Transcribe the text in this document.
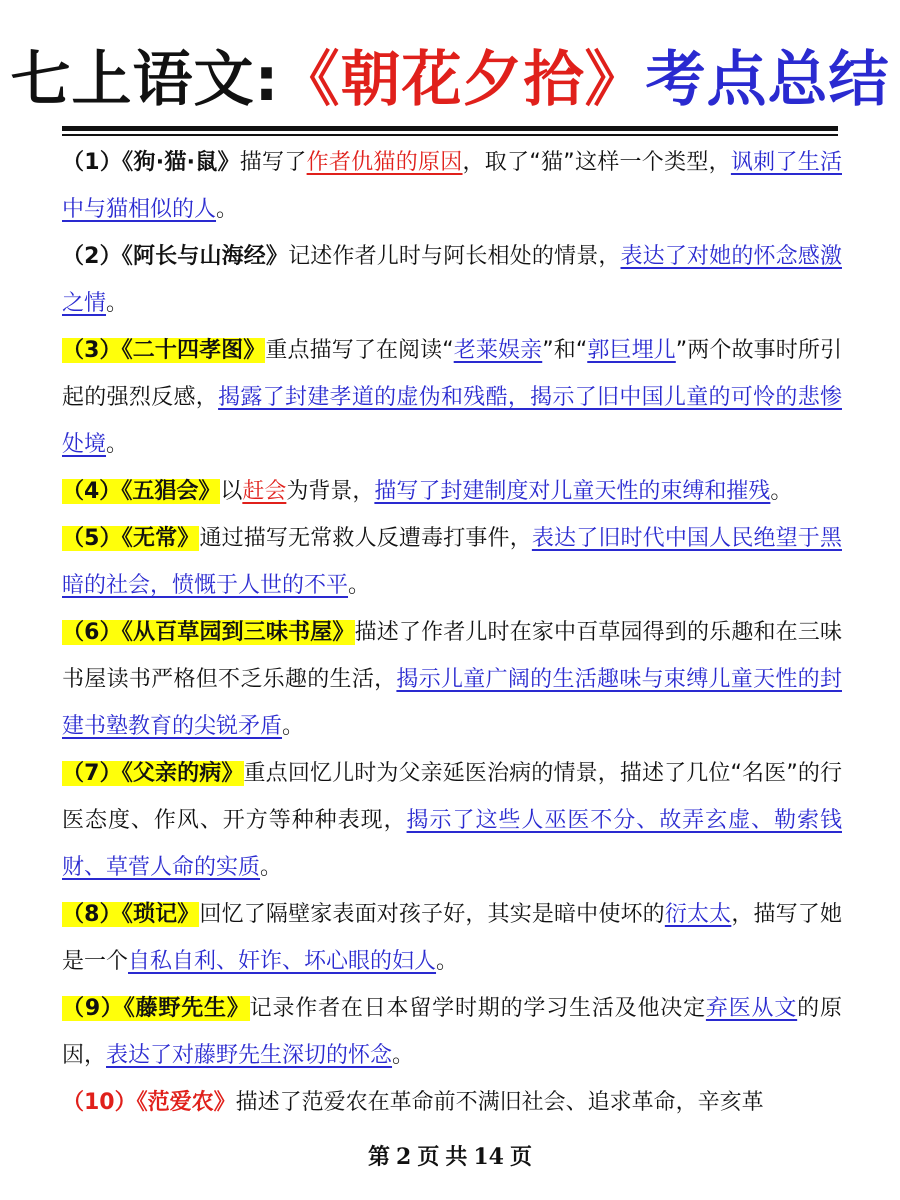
七上语文:《朝花夕拾》考点总结

（1）《狗·猫·鼠》描写了作者仇猫的原因，取了“猫”这样一个类型，讽刺了生活中与猫相似的人。

（2）《阿长与山海经》记述作者儿时与阿长相处的情景，表达了对她的怀念感激之情。

（3）《二十四孝图》重点描写了在阅读“老莱娱亲”和“郭巨埋儿”两个故事时所引起的强烈反感，揭露了封建孝道的虚伪和残酷，揭示了旧中国儿童的可怜的悲惨处境。

（4）《五猖会》以赶会为背景，描写了封建制度对儿童天性的束缚和摧残。

（5）《无常》通过描写无常救人反遭毒打事件，表达了旧时代中国人民绝望于黑暗的社会，愤慨于人世的不平。

（6）《从百草园到三味书屋》描述了作者儿时在家中百草园得到的乐趣和在三味书屋读书严格但不乏乐趣的生活，揭示儿童广阔的生活趣味与束缚儿童天性的封建书塾教育的尖锐矛盾。

（7）《父亲的病》重点回忆儿时为父亲延医治病的情景，描述了几位“名医”的行医态度、作风、开方等种种表现，揭示了这些人巫医不分、故弄玄虚、勒索钱财、草菅人命的实质。

（8）《琐记》回忆了隔壁家表面对孩子好，其实是暗中使坏的衍太太，描写了她是一个自私自利、奸诈、坏心眼的妇人。

（9）《藤野先生》记录作者在日本留学时期的学习生活及他决定弃医从文的原因，表达了对藤野先生深切的怀念。

（10）《范爱农》描述了范爱农在革命前不满旧社会、追求革命，辛亥革

第 2 页 共 14 页
